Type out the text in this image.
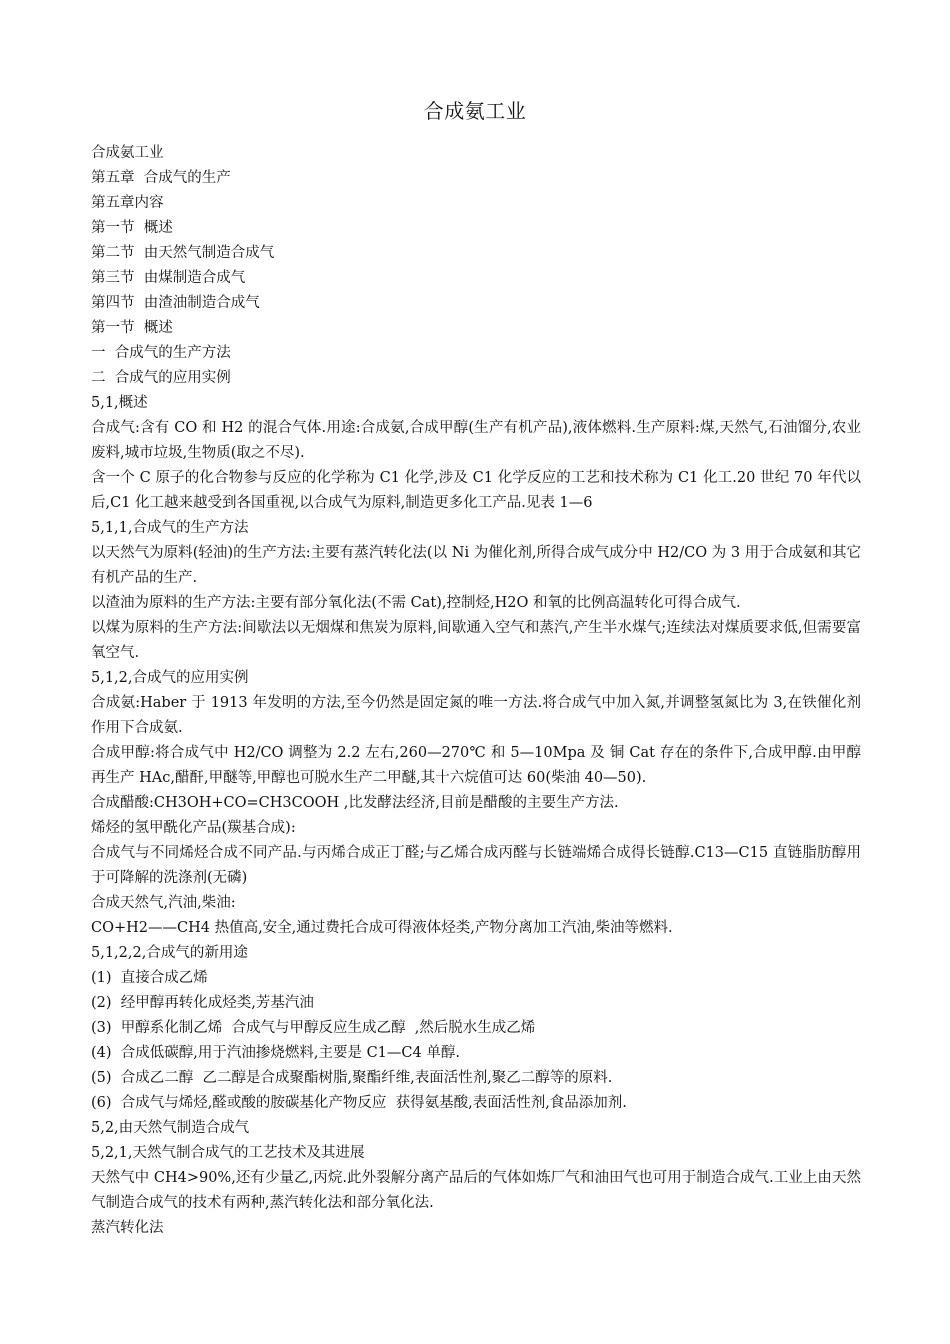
合成氨工业
合成氨工业
第五章  合成气的生产
第五章内容
第一节  概述
第二节  由天然气制造合成气
第三节  由煤制造合成气
第四节  由渣油制造合成气
第一节  概述
一  合成气的生产方法
二  合成气的应用实例
5,1,概述
合成气:含有 CO 和 H2 的混合气体.用途:合成氨,合成甲醇(生产有机产品),液体燃料.生产原料:煤,天然气,石油馏分,农业废料,城市垃圾,生物质(取之不尽).
含一个 C 原子的化合物参与反应的化学称为 C1 化学,涉及 C1 化学反应的工艺和技术称为 C1 化工.20 世纪 70 年代以后,C1 化工越来越受到各国重视,以合成气为原料,制造更多化工产品.见表 1—6
5,1,1,合成气的生产方法
以天然气为原料(轻油)的生产方法:主要有蒸汽转化法(以 Ni 为催化剂,所得合成气成分中 H2/CO 为 3 用于合成氨和其它有机产品的生产.
以渣油为原料的生产方法:主要有部分氧化法(不需 Cat),控制烃,H2O 和氧的比例高温转化可得合成气.
以煤为原料的生产方法:间歇法以无烟煤和焦炭为原料,间歇通入空气和蒸汽,产生半水煤气;连续法对煤质要求低,但需要富氧空气.
5,1,2,合成气的应用实例
合成氨:Haber 于 1913 年发明的方法,至今仍然是固定氮的唯一方法.将合成气中加入氮,并调整氢氮比为 3,在铁催化剂作用下合成氨.
合成甲醇:将合成气中 H2/CO 调整为 2.2 左右,260—270℃ 和 5—10Mpa 及 铜 Cat 存在的条件下,合成甲醇.由甲醇再生产 HAc,醋酐,甲醚等,甲醇也可脱水生产二甲醚,其十六烷值可达 60(柴油 40—50).
合成醋酸:CH3OH+CO=CH3COOH ,比发酵法经济,目前是醋酸的主要生产方法.
烯烃的氢甲酰化产品(羰基合成):
合成气与不同烯烃合成不同产品.与丙烯合成正丁醛;与乙烯合成丙醛与长链端烯合成得长链醇.C13—C15 直链脂肪醇用于可降解的洗涤剂(无磷)
合成天然气,汽油,柴油:
CO+H2——CH4 热值高,安全,通过费托合成可得液体烃类,产物分离加工汽油,柴油等燃料.
5,1,2,2,合成气的新用途
(1)  直接合成乙烯
(2)  经甲醇再转化成烃类,芳基汽油
(3)  甲醇系化制乙烯  合成气与甲醇反应生成乙醇  ,然后脱水生成乙烯
(4)  合成低碳醇,用于汽油掺烧燃料,主要是 C1—C4 单醇.
(5)  合成乙二醇  乙二醇是合成聚酯树脂,聚酯纤维,表面活性剂,聚乙二醇等的原料.
(6)  合成气与烯烃,醛或酸的胺碳基化产物反应  获得氨基酸,表面活性剂,食品添加剂.
5,2,由天然气制造合成气
5,2,1,天然气制合成气的工艺技术及其进展
天然气中 CH4>90%,还有少量乙,丙烷.此外裂解分离产品后的气体如炼厂气和油田气也可用于制造合成气.工业上由天然气制造合成气的技术有两种,蒸汽转化法和部分氧化法.
蒸汽转化法
